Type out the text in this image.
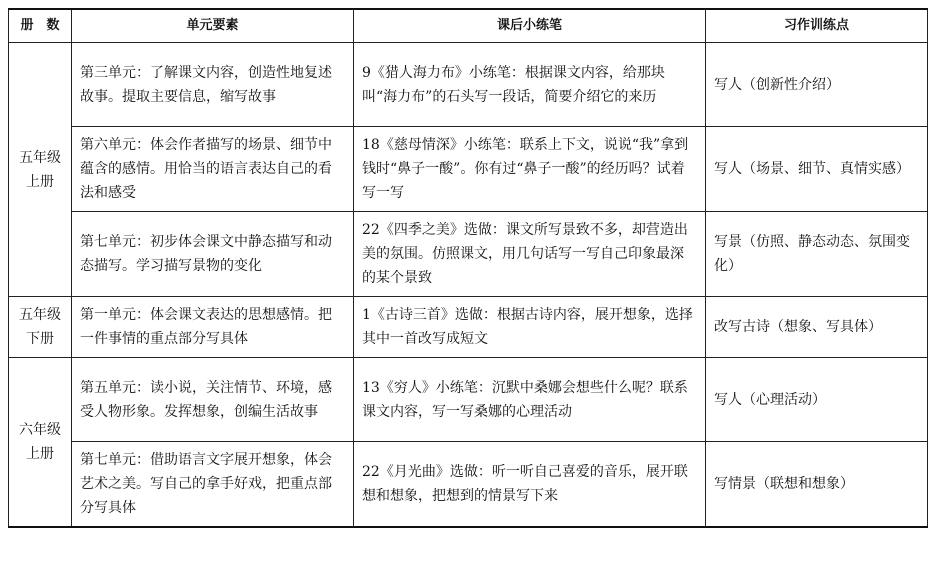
册　数	单元要素	课后小练笔	习作训练点

五年级
上册	第三单元：了解课文内容，创造性地复述故事。提取主要信息，缩写故事	9《猎人海力布》小练笔：根据课文内容，给那块叫“海力布”的石头写一段话，简要介绍它的来历	写人（创新性介绍）
	第六单元：体会作者描写的场景、细节中蕴含的感情。用恰当的语言表达自己的看法和感受	18《慈母情深》小练笔：联系上下文，说说“我”拿到钱时“鼻子一酸”。你有过“鼻子一酸”的经历吗？试着写一写	写人（场景、细节、真情实感）
	第七单元：初步体会课文中静态描写和动态描写。学习描写景物的变化	22《四季之美》选做：课文所写景致不多，却营造出美的氛围。仿照课文，用几句话写一写自己印象最深的某个景致	写景（仿照、静态动态、氛围变化）

五年级
下册	第一单元：体会课文表达的思想感情。把一件事情的重点部分写具体	1《古诗三首》选做：根据古诗内容，展开想象，选择其中一首改写成短文	改写古诗（想象、写具体）

六年级
上册	第五单元：读小说，关注情节、环境，感受人物形象。发挥想象，创编生活故事	13《穷人》小练笔：沉默中桑娜会想些什么呢？联系课文内容，写一写桑娜的心理活动	写人（心理活动）
	第七单元：借助语言文字展开想象，体会艺术之美。写自己的拿手好戏，把重点部分写具体	22《月光曲》选做：听一听自己喜爱的音乐，展开联想和想象，把想到的情景写下来	写情景（联想和想象）
